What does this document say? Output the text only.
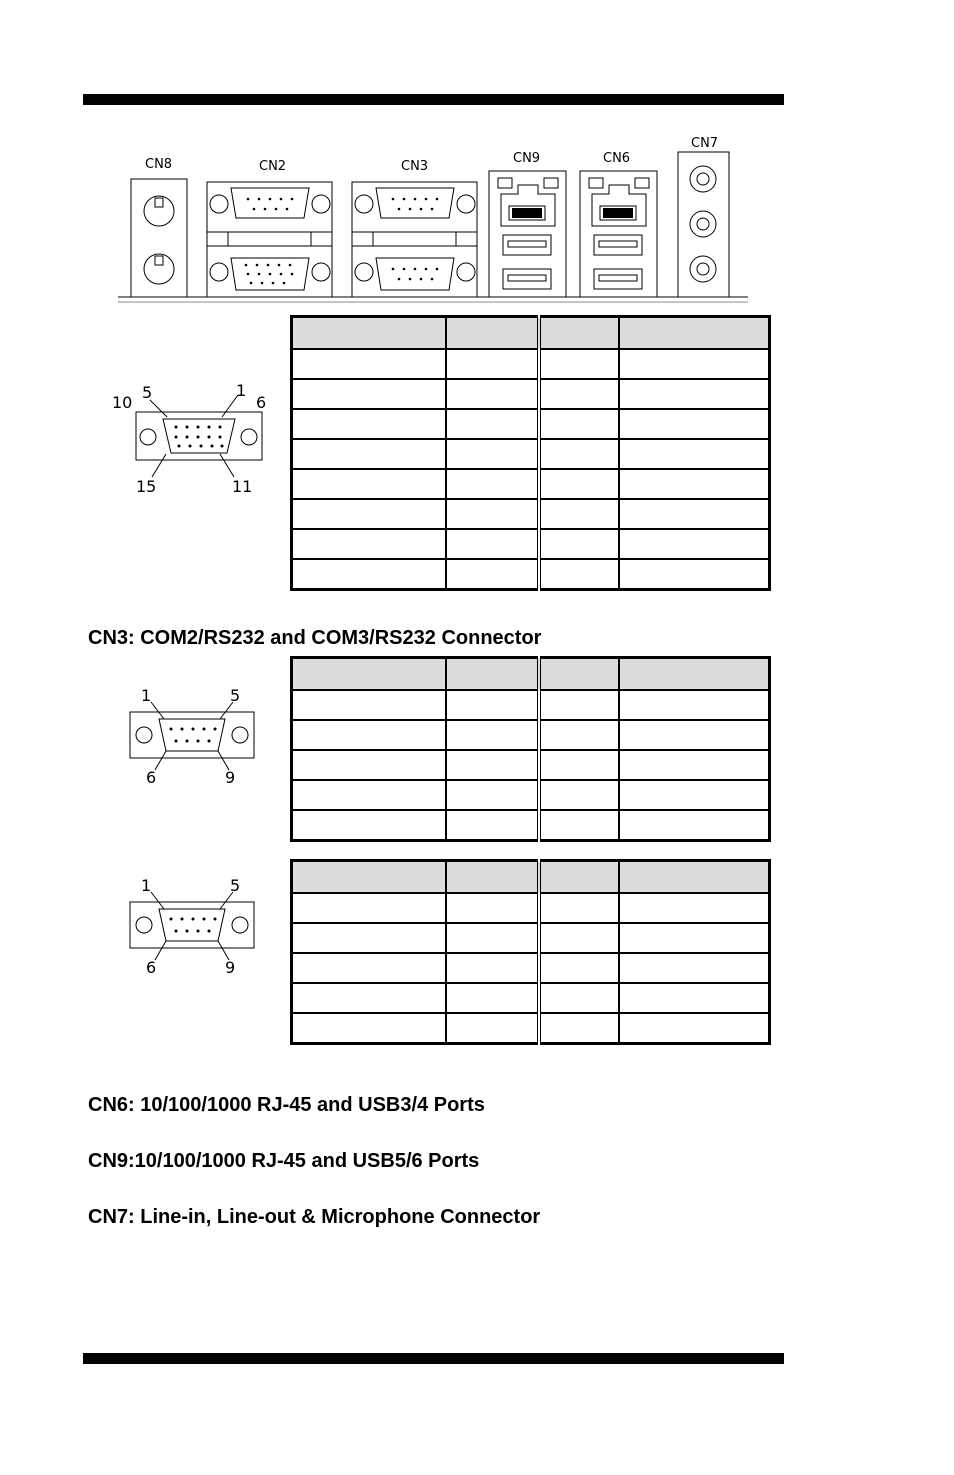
CN8	CN2	CN3
CN9	CN6
CN7
10
5	1
6
15	11

CN3: COM2/RS232 and COM3/RS232 Connector
1	5
6	9

1	5
6	9

CN6: 10/100/1000 RJ-45 and USB3/4 Ports
CN9:10/100/1000 RJ-45 and USB5/6 Ports
CN7: Line-in, Line-out & Microphone Connector
